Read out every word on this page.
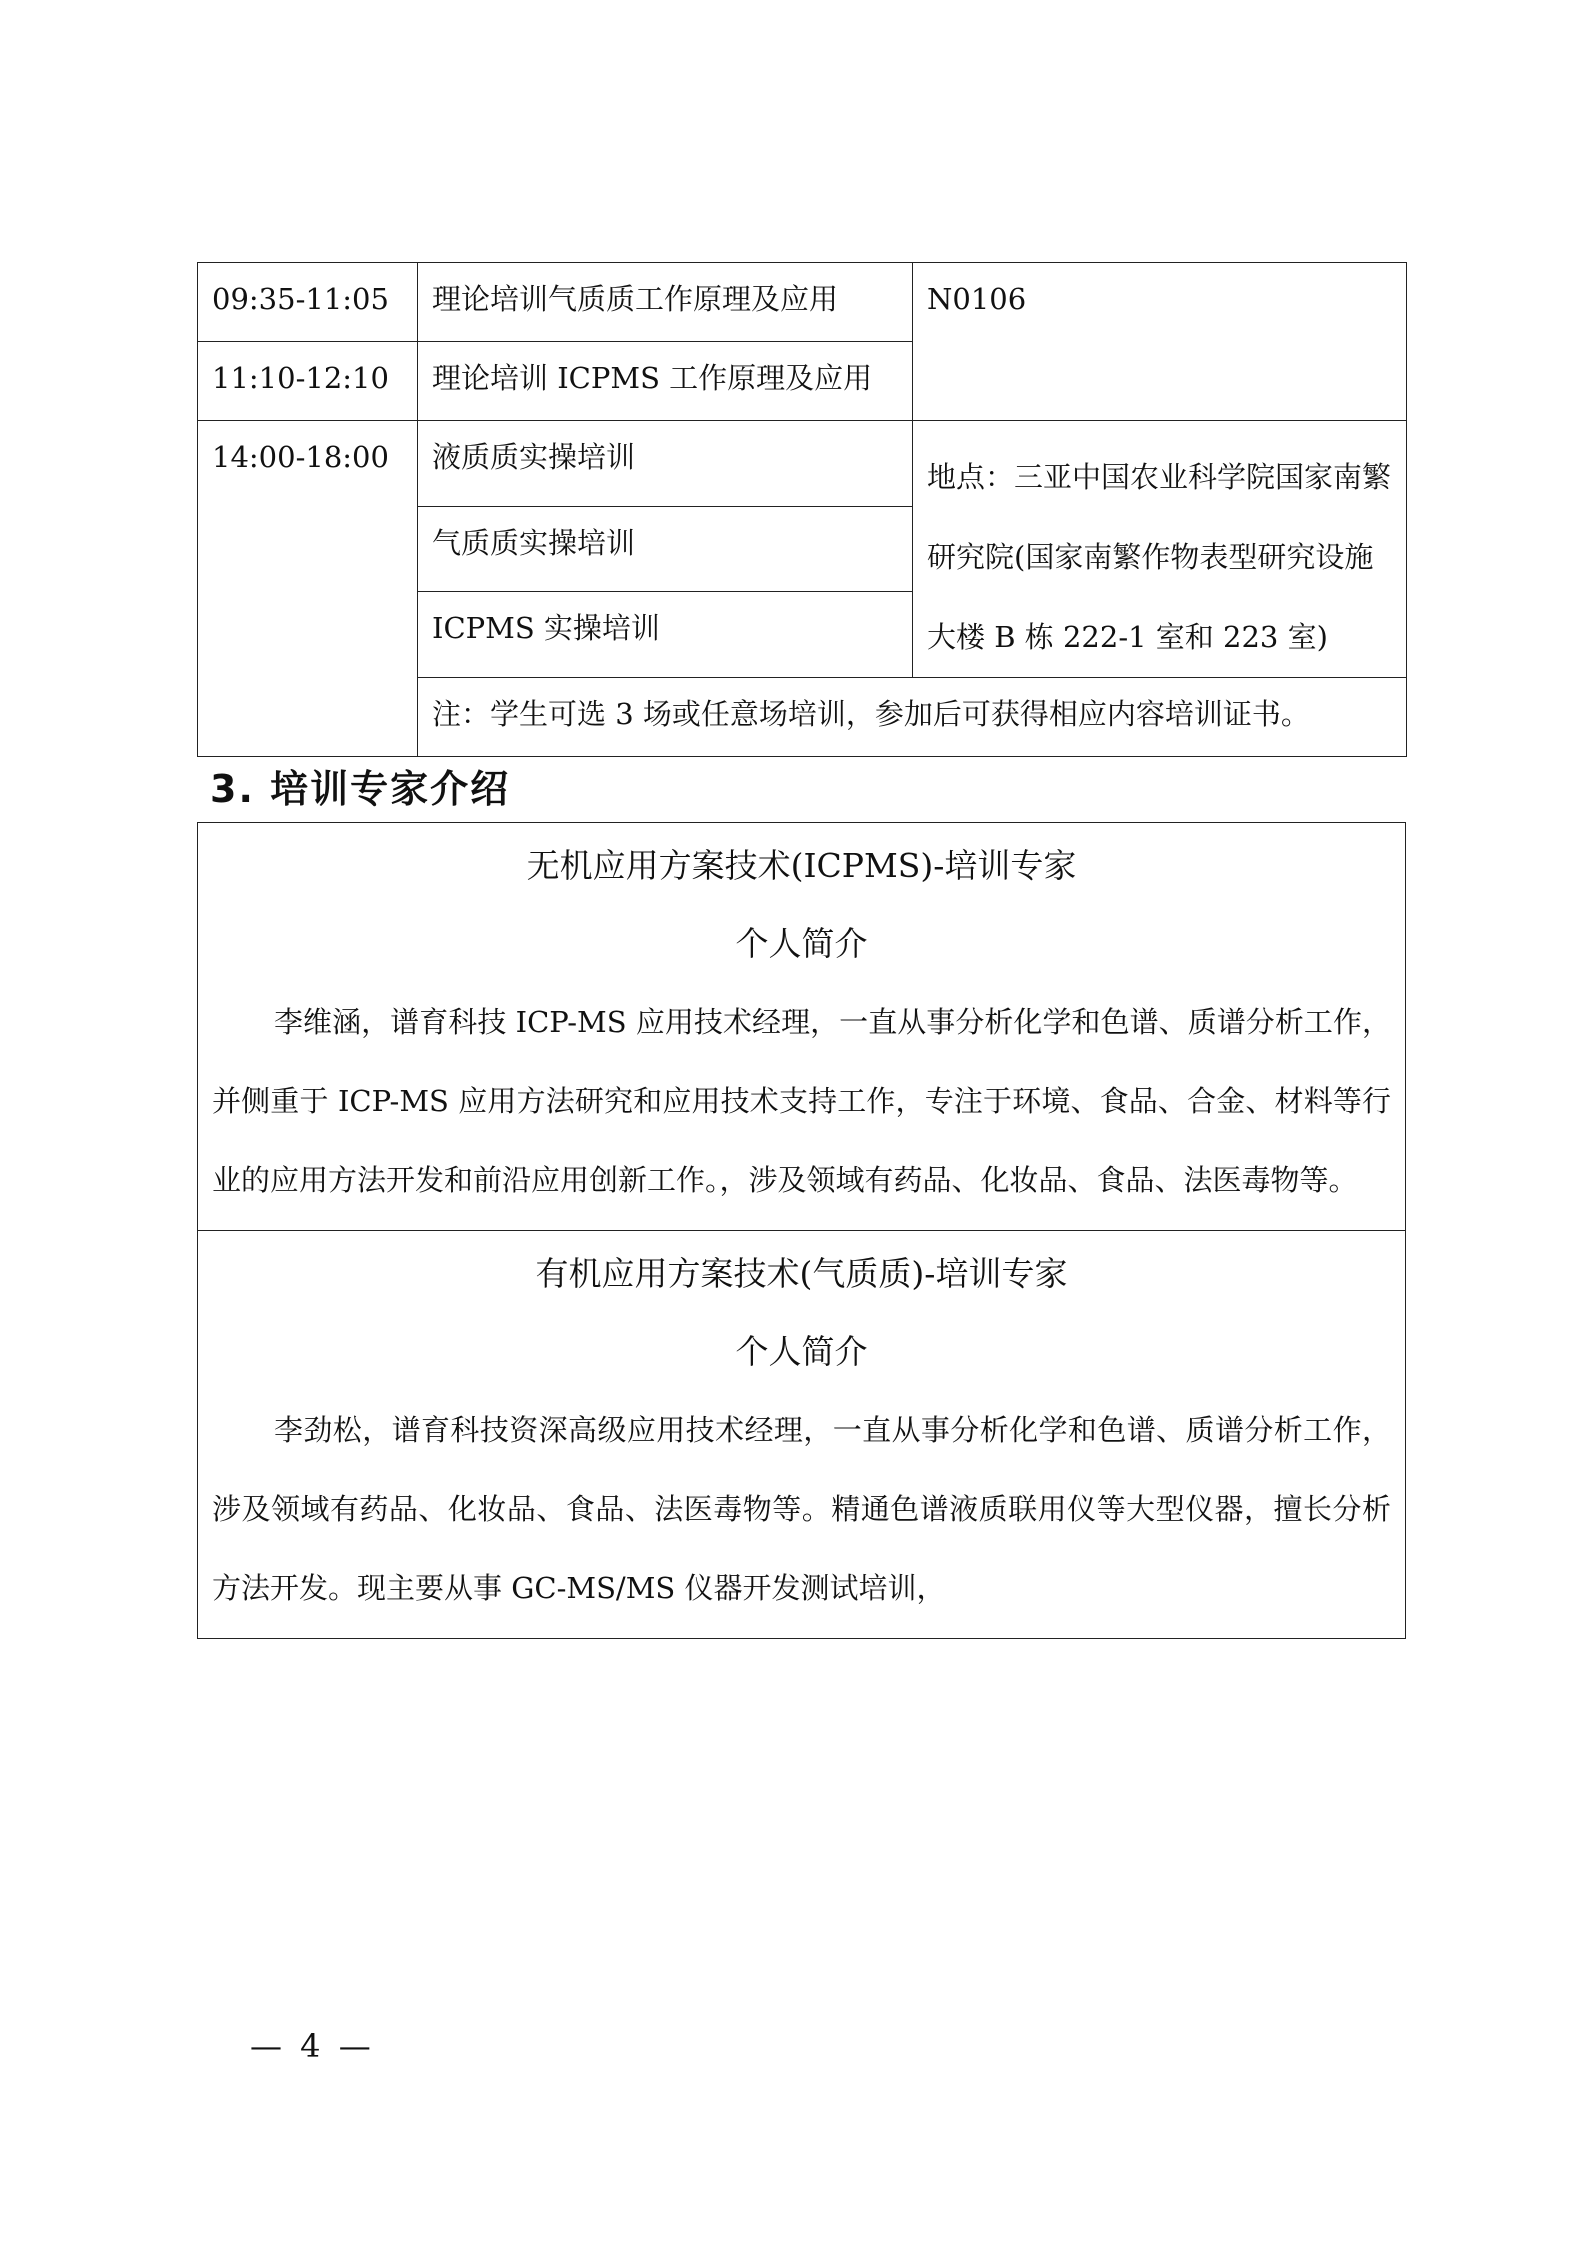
09:35-11:05	理论培训气质质工作原理及应用	N0106
11:10-12:10	理论培训 ICPMS 工作原理及应用	
14:00-18:00	液质质实操培训	地点：三亚中国农业科学院国家南繁研究院(国家南繁作物表型研究设施大楼 B 栋 222-1 室和 223 室)
	气质质实操培训	
	ICPMS 实操培训	
	注：学生可选 3 场或任意场培训，参加后可获得相应内容培训证书。	
3. 培训专家介绍

无机应用方案技术(ICPMS)-培训专家

个人简介

李维涵，谱育科技 ICP-MS 应用技术经理，一直从事分析化学和色谱、质谱分析工作，并侧重于 ICP-MS 应用方法研究和应用技术支持工作，专注于环境、食品、合金、材料等行业的应用方法开发和前沿应用创新工作。，涉及领域有药品、化妆品、食品、法医毒物等。

有机应用方案技术(气质质)-培训专家

个人简介

李劲松，谱育科技资深高级应用技术经理，一直从事分析化学和色谱、质谱分析工作，涉及领域有药品、化妆品、食品、法医毒物等。精通色谱液质联用仪等大型仪器，擅长分析方法开发。现主要从事 GC-MS/MS 仪器开发测试培训，

— 4 —
